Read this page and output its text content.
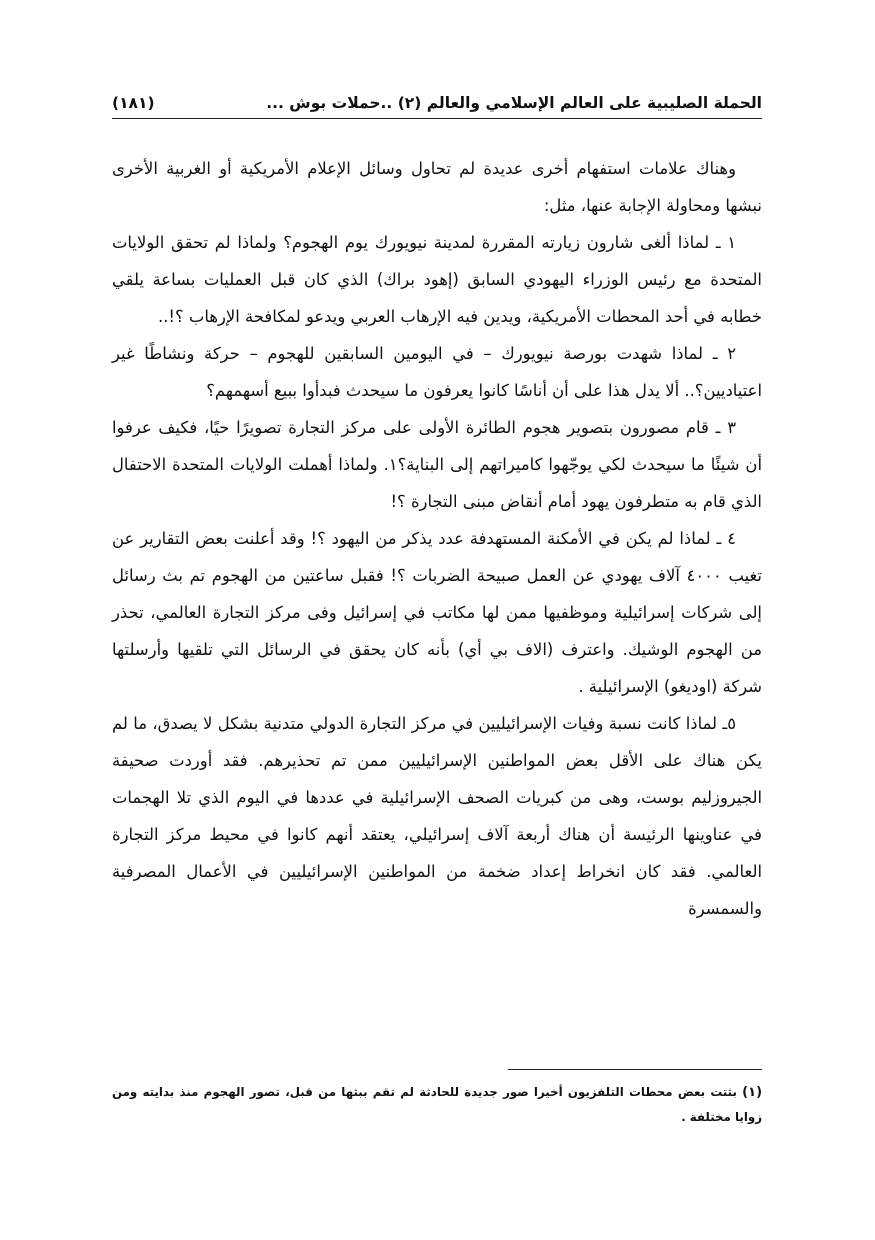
الحملة الصليبية على العالم الإسلامي والعالم (٢) ..حملات بوش ...
(١٨١)

وهناك علامات استفهام أخرى عديدة لم تحاول وسائل الإعلام الأمريكية أو الغربية الأخرى نبشها ومحاولة الإجابة عنها، مثل:

١ ـ لماذا ألغى شارون زيارته المقررة لمدينة نيويورك يوم الهجوم؟ ولماذا لم تحقق الولايات المتحدة مع رئيس الوزراء اليهودي السابق (إهود براك) الذي كان قبل العمليات بساعة يلقي خطابه في أحد المحطات الأمريكية، ويدين فيه الإرهاب العربي ويدعو لمكافحة الإرهاب ؟!..

٢ ـ لماذا شهدت بورصة نيويورك – في اليومين السابقين للهجوم – حركة ونشاطًا غير اعتياديين؟.. ألا يدل هذا على أن أناسًا كانوا يعرفون ما سيحدث فبدأوا ببيع أسهمهم؟

٣ ـ قام مصورون بتصوير هجوم الطائرة الأولى على مركز التجارة تصويرًا حيًا، فكيف عرفوا أن شيئًا ما سيحدث لكي يوجّهوا كاميراتهم إلى البناية؟١. ولماذا أهملت الولايات المتحدة الاحتفال الذي قام به متطرفون يهود أمام أنقاض مبنى التجارة ؟!

٤ ـ لماذا لم يكن في الأمكنة المستهدفة عدد يذكر من اليهود ؟! وقد أعلنت بعض التقارير عن تغيب ٤٠٠٠ آلاف يهودي عن العمل صبيحة الضربات ؟! فقبل ساعتين من الهجوم تم بث رسائل إلى شركات إسرائيلية وموظفيها ممن لها مكاتب في إسرائيل وفى مركز التجارة العالمي، تحذر من الهجوم الوشيك. واعترف (الاف بي أي) بأنه كان يحقق في الرسائل التي تلقيها وأرسلتها شركة (اوديغو) الإسرائيلية .

٥ـ لماذا كانت نسبة وفيات الإسرائيليين في مركز التجارة الدولي متدنية بشكل لا يصدق، ما لم يكن هناك على الأقل بعض المواطنين الإسرائيليين ممن تم تحذيرهم. فقد أوردت صحيفة الجيروزليم بوست، وهى من كبريات الصحف الإسرائيلية في عددها في اليوم الذي تلا الهجمات في عناوينها الرئيسة أن هناك أربعة آلاف إسرائيلي، يعتقد أنهم كانوا في محيط مركز التجارة العالمي. فقد كان انخراط إعداد ضخمة من المواطنين الإسرائيليين في الأعمال المصرفية والسمسرة

(١) بثتت بعض محطات التلفزيون أخيرا صور جديدة للحادثة لم تقم ببثها من قبل، تصور الهجوم منذ بدايته ومن زوايا مختلفة .
